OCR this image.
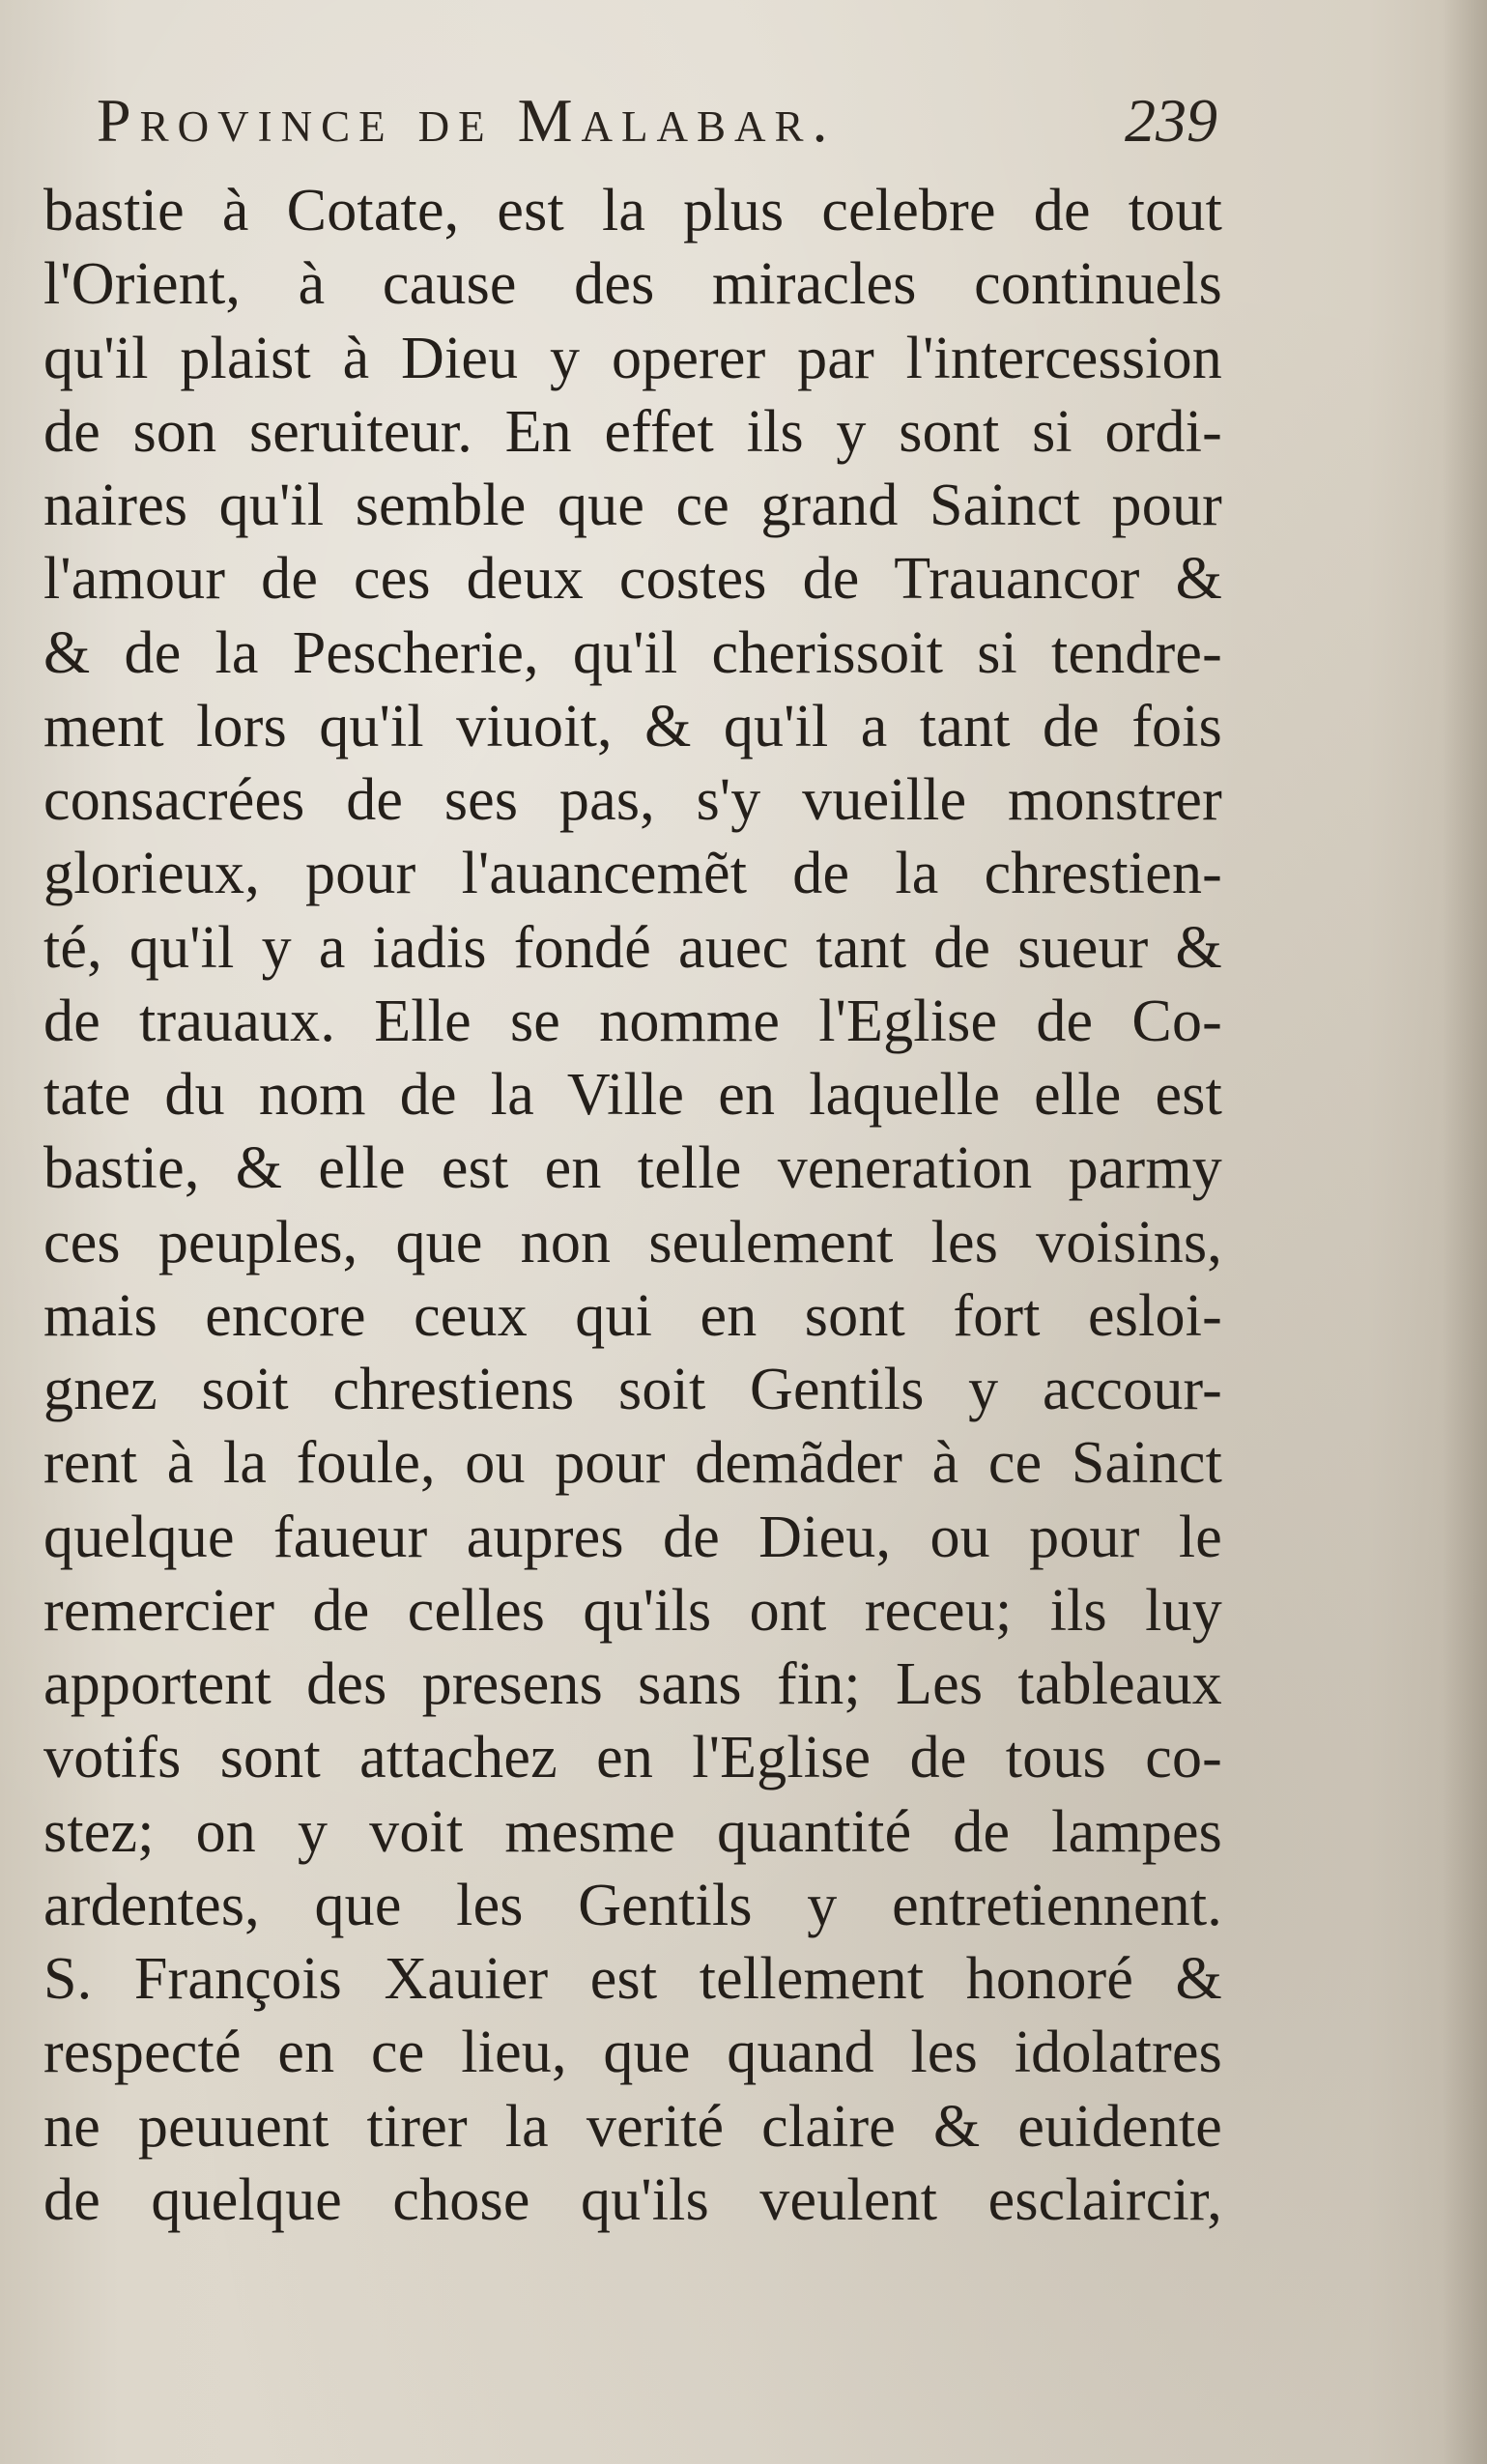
Province de Malabar.	239
bastie à Cotate, est la plus celebre de tout
l'Orient, à cause des miracles continuels
qu'il plaist à Dieu y operer par l'intercession
de son seruiteur. En effet ils y sont si ordi-
naires qu'il semble que ce grand Sainct pour
l'amour de ces deux costes de Trauancor &
& de la Pescherie, qu'il cherissoit si tendre-
ment lors qu'il viuoit, & qu'il a tant de fois
consacrées de ses pas, s'y vueille monstrer
glorieux, pour l'auancemẽt de la chrestien-
té, qu'il y a iadis fondé auec tant de sueur &
de trauaux. Elle se nomme l'Eglise de Co-
tate du nom de la Ville en laquelle elle est
bastie, & elle est en telle veneration parmy
ces peuples, que non seulement les voisins,
mais encore ceux qui en sont fort esloi-
gnez soit chrestiens soit Gentils y accour-
rent à la foule, ou pour demãder à ce Sainct
quelque faueur aupres de Dieu, ou pour le
remercier de celles qu'ils ont receu; ils luy
apportent des presens sans fin; Les tableaux
votifs sont attachez en l'Eglise de tous co-
stez; on y voit mesme quantité de lampes
ardentes, que les Gentils y entretiennent.
S. François Xauier est tellement honoré &
respecté en ce lieu, que quand les idolatres
ne peuuent tirer la verité claire & euidente
de quelque chose qu'ils veulent esclaircir,
